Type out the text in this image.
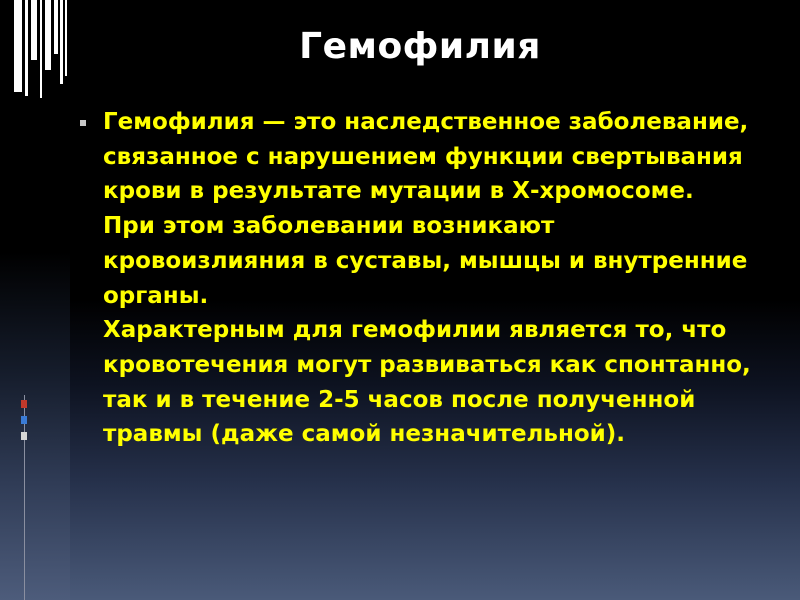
Гемофилия

Гемофилия — это наследственное заболевание, связанное с нарушением функции свертывания крови в результате мутации в Х-хромосоме.

При этом заболевании возникают кровоизлияния в суставы, мышцы и внутренние органы.

Характерным для гемофилии является то, что кровотечения могут развиваться как спонтанно, так и в течение 2-5 часов после полученной травмы (даже самой незначительной).
